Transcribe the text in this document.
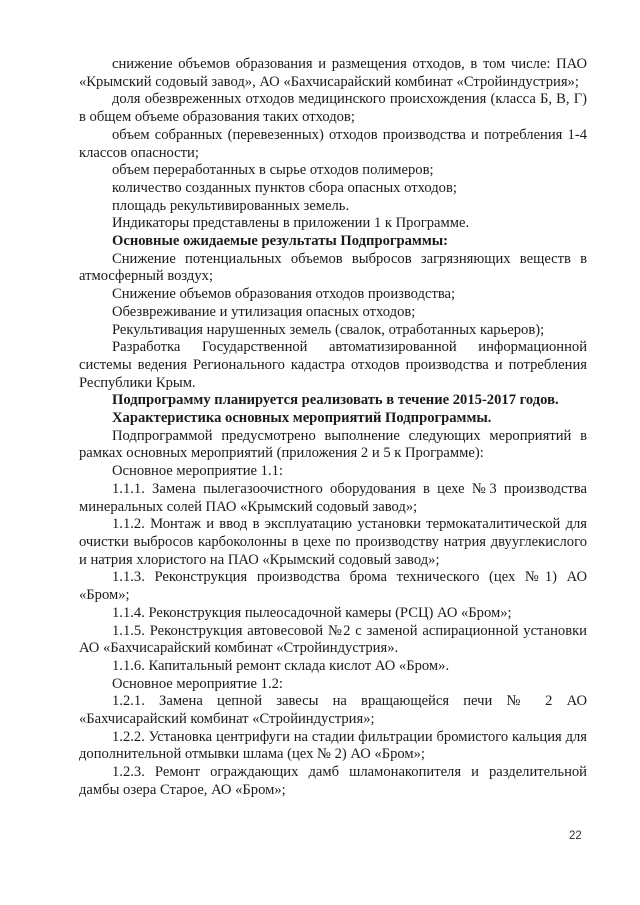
снижение объемов образования и размещения отходов, в том числе: ПАО «Крымский содовый завод», АО «Бахчисарайский комбинат «Стройиндустрия»;

доля обезвреженных отходов медицинского происхождения (класса Б, В, Г) в общем объеме образования таких отходов;

объем собранных (перевезенных) отходов производства и потребления 1-4 классов опасности;

объем переработанных в сырье отходов полимеров;

количество созданных пунктов сбора опасных отходов;

площадь рекультивированных земель.

Индикаторы представлены в приложении 1 к Программе.

Основные ожидаемые результаты Подпрограммы:

Снижение потенциальных объемов выбросов загрязняющих веществ в атмосферный воздух;

Снижение объемов образования отходов производства;

Обезвреживание и утилизация опасных отходов;

Рекультивация нарушенных земель (свалок, отработанных карьеров);

Разработка Государственной автоматизированной информационной системы ведения Регионального кадастра отходов производства и потребления Республики Крым.

Подпрограмму планируется реализовать в течение 2015-2017 годов.

Характеристика основных мероприятий Подпрограммы.

Подпрограммой предусмотрено выполнение следующих мероприятий в рамках основных мероприятий (приложения 2 и 5 к Программе):

Основное мероприятие 1.1:

1.1.1. Замена пылегазоочистного оборудования в цехе №3 производства минеральных солей ПАО «Крымский содовый завод»;

1.1.2. Монтаж и ввод в эксплуатацию установки термокаталитической для очистки выбросов карбоколонны в цехе по производству натрия двууглекислого и натрия хлористого на ПАО «Крымский содовый завод»;

1.1.3. Реконструкция производства брома технического (цех №1) АО «Бром»;

1.1.4. Реконструкция пылеосадочной камеры (РСЦ) АО «Бром»;

1.1.5. Реконструкция автовесовой №2 с заменой аспирационной установки АО «Бахчисарайский комбинат «Стройиндустрия».

1.1.6. Капитальный ремонт склада кислот АО «Бром».

Основное мероприятие 1.2:

1.2.1. Замена цепной завесы на вращающейся печи № 2 АО «Бахчисарайский комбинат «Стройиндустрия»;

1.2.2. Установка центрифуги на стадии фильтрации бромистого кальция для дополнительной отмывки шлама (цех № 2) АО «Бром»;

1.2.3. Ремонт ограждающих дамб шламонакопителя и разделительной дамбы озера Старое, АО «Бром»;

22
